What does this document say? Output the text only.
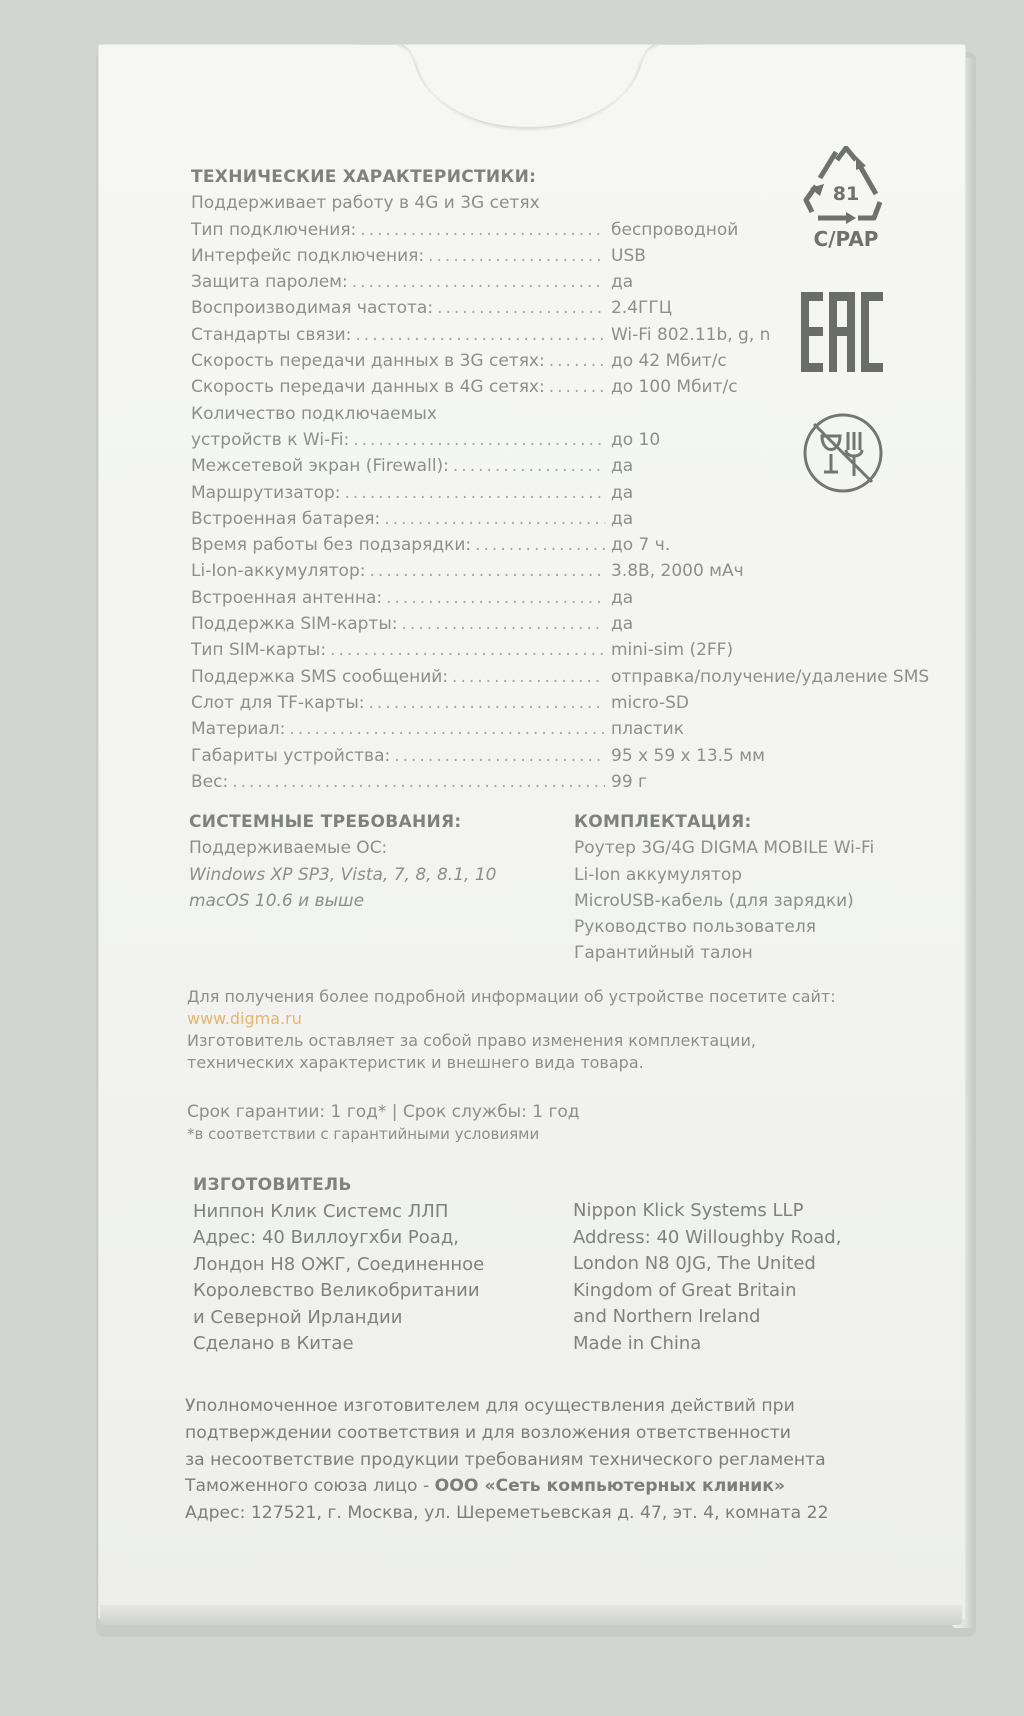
ТЕХНИЧЕСКИЕ ХАРАКТЕРИСТИКИ:
Поддерживает работу в 4G и 3G сетях
Тип подключения: .....	беспроводной
Интерфейс подключения: .....	USB
Защита паролем: .....	да
Воспроизводимая частота: .....	2.4ГГЦ
Стандарты связи: .....	Wi-Fi 802.11b, g, n
Скорость передачи данных в 3G сетях: .....	до 42 Мбит/с
Скорость передачи данных в 4G сетях: .....	до 100 Мбит/с
Количество подключаемых
устройств к Wi-Fi: .....	до 10
Межсетевой экран (Firewall): .....	да
Маршрутизатор: .....	да
Встроенная батарея: .....	да
Время работы без подзарядки: .....	до 7 ч.
Li-Ion-аккумулятор: .....	3.8В, 2000 мАч
Встроенная антенна: .....	да
Поддержка SIM-карты: .....	да
Тип SIM-карты: .....	mini-sim (2FF)
Поддержка SMS сообщений: .....	отправка/получение/удаление SMS
Слот для TF-карты: .....	micro-SD
Материал: .....	пластик
Габариты устройства: .....	95 x 59 x 13.5 мм
Вес: .....	99 г
81
C/PAP
СИСТЕМНЫЕ ТРЕБОВАНИЯ:
Поддерживаемые ОС:
Windows XP SP3, Vista, 7, 8, 8.1, 10
macOS 10.6 и выше
КОМПЛЕКТАЦИЯ:
Роутер 3G/4G DIGMA MOBILE Wi-Fi
Li-Ion аккумулятор
MicroUSB-кабель (для зарядки)
Руководство пользователя
Гарантийный талон
Для получения более подробной информации об устройстве посетите сайт:
www.digma.ru
Изготовитель оставляет за собой право изменения комплектации,
технических характеристик и внешнего вида товара.
Срок гарантии: 1 год* | Срок службы: 1 год
*в соответствии с гарантийными условиями
ИЗГОТОВИТЕЛЬ
Ниппон Клик Системс ЛЛП
Адрес: 40 Виллоугхби Роад,
Лондон Н8 ОЖГ, Соединенное
Королевство Великобритании
и Северной Ирландии
Сделано в Китае
Nippon Klick Systems LLP
Address: 40 Willoughby Road,
London N8 0JG, The United
Kingdom of Great Britain
and Northern Ireland
Made in China
Уполномоченное изготовителем для осуществления действий при
подтверждении соответствия и для возложения ответственности
за несоответствие продукции требованиям технического регламента
Таможенного союза лицо - ООО «Сеть компьютерных клиник»
Адрес: 127521, г. Москва, ул. Шереметьевская д. 47, эт. 4, комната 22
